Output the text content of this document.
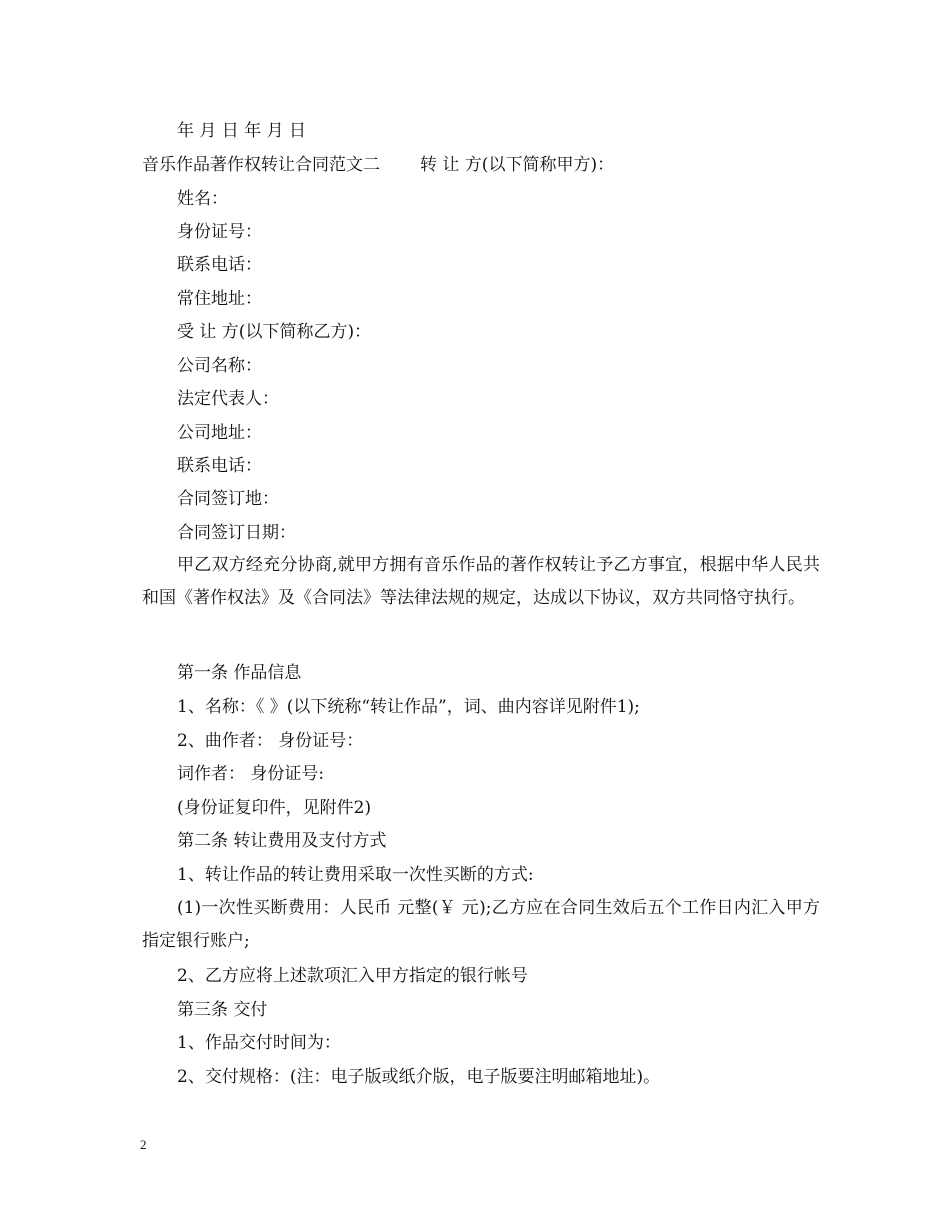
年 月 日 年 月 日
音乐作品著作权转让合同范文二 转 让 方(以下简称甲方)：
姓名：
身份证号：
联系电话：
常住地址：
受 让 方(以下简称乙方)：
公司名称：
法定代表人：
公司地址：
联系电话：
合同签订地：
合同签订日期：
甲乙双方经充分协商,就甲方拥有音乐作品的著作权转让予乙方事宜，根据中华人民共和国《著作权法》及《合同法》等法律法规的规定，达成以下协议，双方共同恪守执行。
第一条 作品信息
1、名称：《 》(以下统称“转让作品”，词、曲内容详见附件1);
2、曲作者： 身份证号：
词作者： 身份证号:
(身份证复印件，见附件2)
第二条 转让费用及支付方式
1、转让作品的转让费用采取一次性买断的方式:
(1)一次性买断费用：人民币 元整(￥ 元);乙方应在合同生效后五个工作日内汇入甲方指定银行账户;
2、乙方应将上述款项汇入甲方指定的银行帐号
第三条 交付
1、作品交付时间为：
2、交付规格：(注：电子版或纸介版，电子版要注明邮箱地址)。
2
